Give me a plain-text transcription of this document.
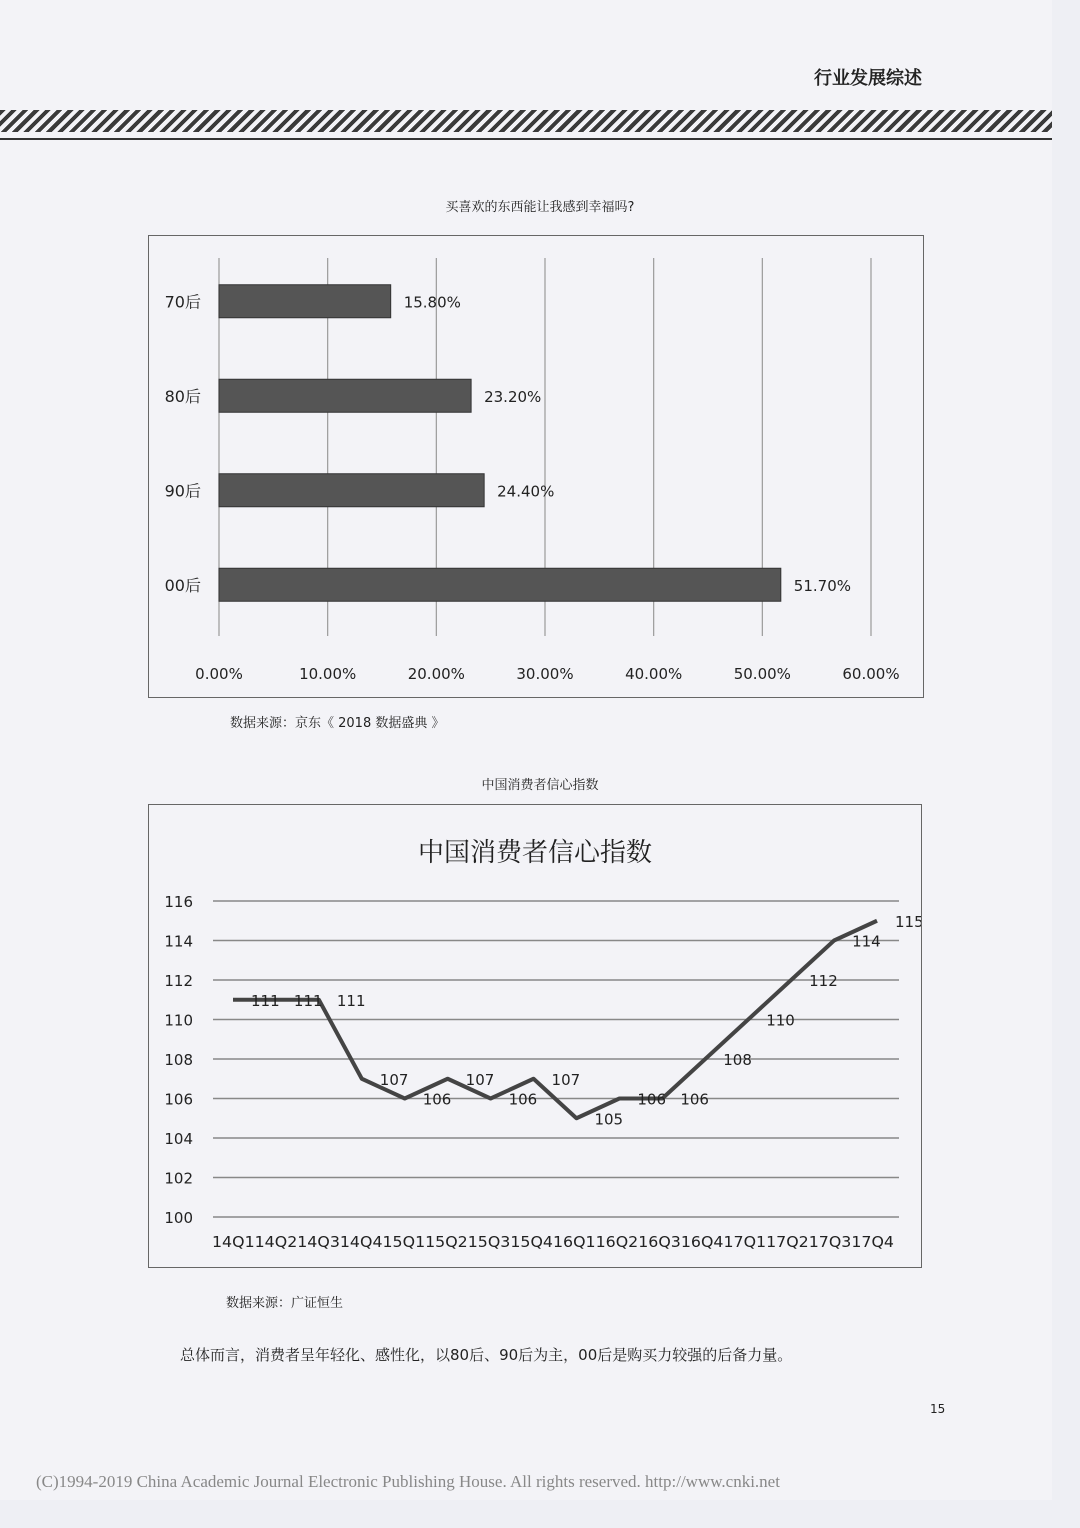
行业发展综述
买喜欢的东西能让我感到幸福吗?
0.00%	10.00%	20.00%	30.00%	40.00%	50.00%	60.00%
70后	15.80%
80后	23.20%
90后	24.40%
00后	51.70%
数据来源：京东《 2018 数据盛典 》
中国消费者信心指数
100
102
104
106
108
110
112
114
116
中国消费者信心指数
111 111 111
107
106
107
106
107
105
106 106
108
110
112
114
115
14Q114Q214Q314Q415Q115Q215Q315Q416Q116Q216Q316Q417Q117Q217Q317Q4
数据来源：广证恒生
总体而言，消费者呈年轻化、感性化，以80后、90后为主，00后是购买力较强的后备力量。
15
(C)1994-2019 China Academic Journal Electronic Publishing House. All rights reserved. http://www.cnki.net
